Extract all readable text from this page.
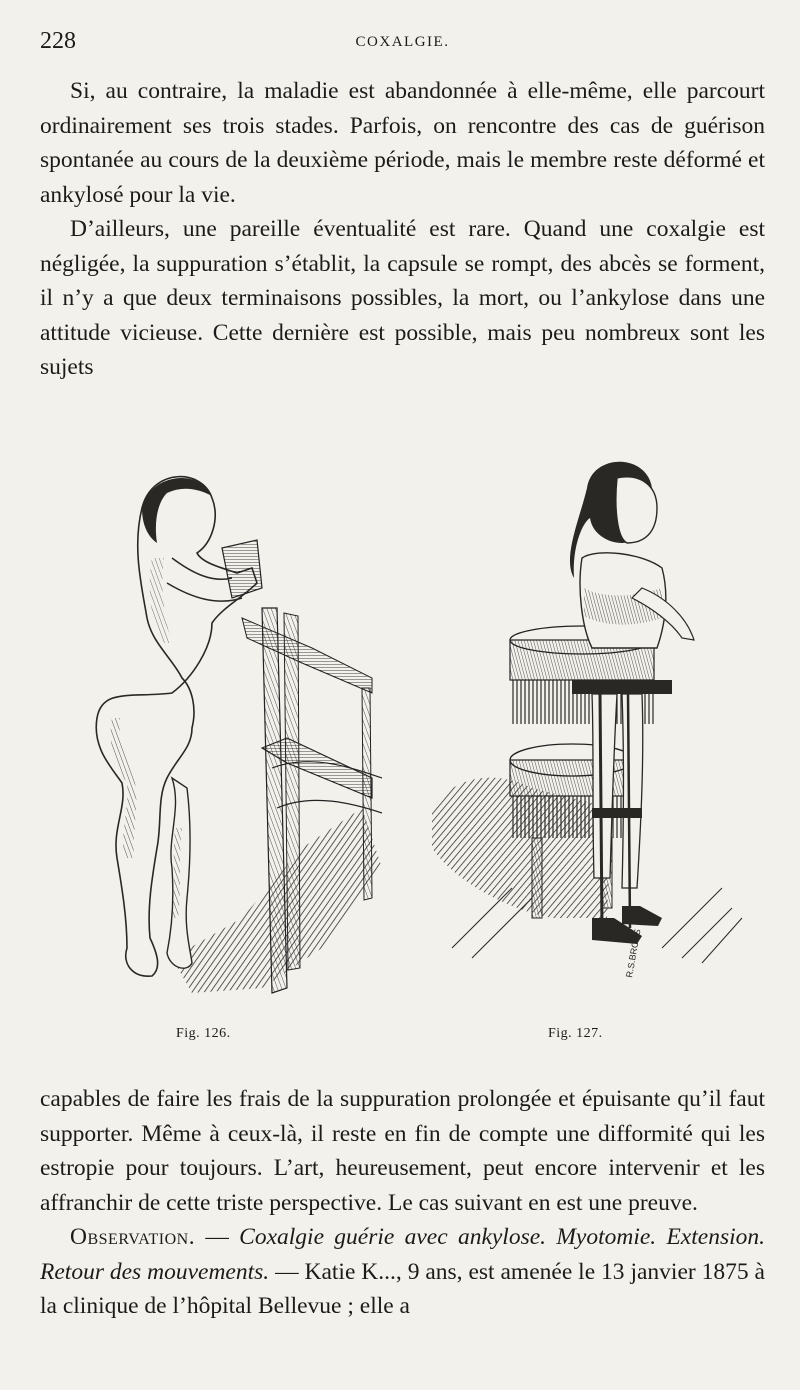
228	COXALGIE.

Si, au contraire, la maladie est abandonnée à elle-même, elle parcourt ordinairement ses trois stades. Parfois, on rencontre des cas de guérison spontanée au cours de la deuxième période, mais le membre reste déformé et ankylosé pour la vie.

D’ailleurs, une pareille éventualité est rare. Quand une coxalgie est négligée, la suppuration s’établit, la capsule se rompt, des abcès se forment, il n’y a que deux terminaisons possibles, la mort, ou l’ankylose dans une attitude vicieuse. Cette dernière est possible, mais peu nombreux sont les sujets

Fig. 126.
R.S.BROSS
Fig. 127.

capables de faire les frais de la suppuration prolongée et épuisante qu’il faut supporter. Même à ceux-là, il reste en fin de compte une difformité qui les estropie pour toujours. L’art, heureusement, peut encore intervenir et les affranchir de cette triste perspective. Le cas suivant en est une preuve.

Observation. — Coxalgie guérie avec ankylose. Myotomie. Extension. Retour des mouvements. — Katie K..., 9 ans, est amenée le 13 janvier 1875 à la clinique de l’hôpital Bellevue ; elle a
